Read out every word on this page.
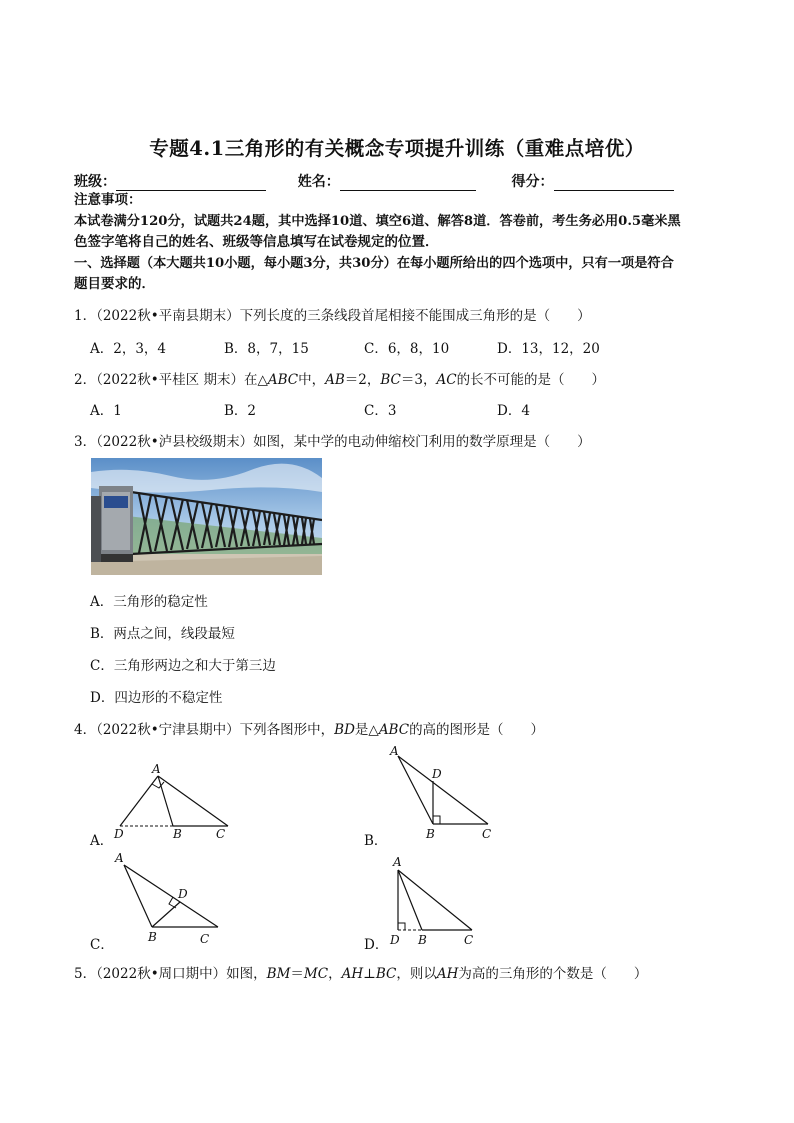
专题4.1三角形的有关概念专项提升训练（重难点培优）
班级：	姓名：	得分：
注意事项：
本试卷满分120分，试题共24题，其中选择10道、填空6道、解答8道．答卷前，考生务必用0.5毫米黑
色签字笔将自己的姓名、班级等信息填写在试卷规定的位置．
一、选择题（本大题共10小题，每小题3分，共30分）在每小题所给出的四个选项中，只有一项是符合
题目要求的．
1．（2022秋•平南县期末）下列长度的三条线段首尾相接不能围成三角形的是（　　）
A．2，3，4	B．8，7，15	C．6，8，10	D．13，12，20
2．（2022秋•平桂区 期末）在△ABC中，AB＝2，BC＝3，AC的长不可能的是（　　）
A．1	B．2	C．3	D．4
3．（2022秋•泸县校级期末）如图，某中学的电动伸缩校门利用的数学原理是（　　）
A．三角形的稳定性
B．两点之间，线段最短
C．三角形两边之和大于第三边
D．四边形的不稳定性
4．（2022秋•宁津县期中）下列各图形中，BD是△ABC的高的图形是（　　）
A．
A
D	B	C	B．
A
D
B	C
C．
A
D
B	C	D．
A
D B	C
5．（2022秋•周口期中）如图，BM＝MC，AH⊥BC，则以AH为高的三角形的个数是（　　）
